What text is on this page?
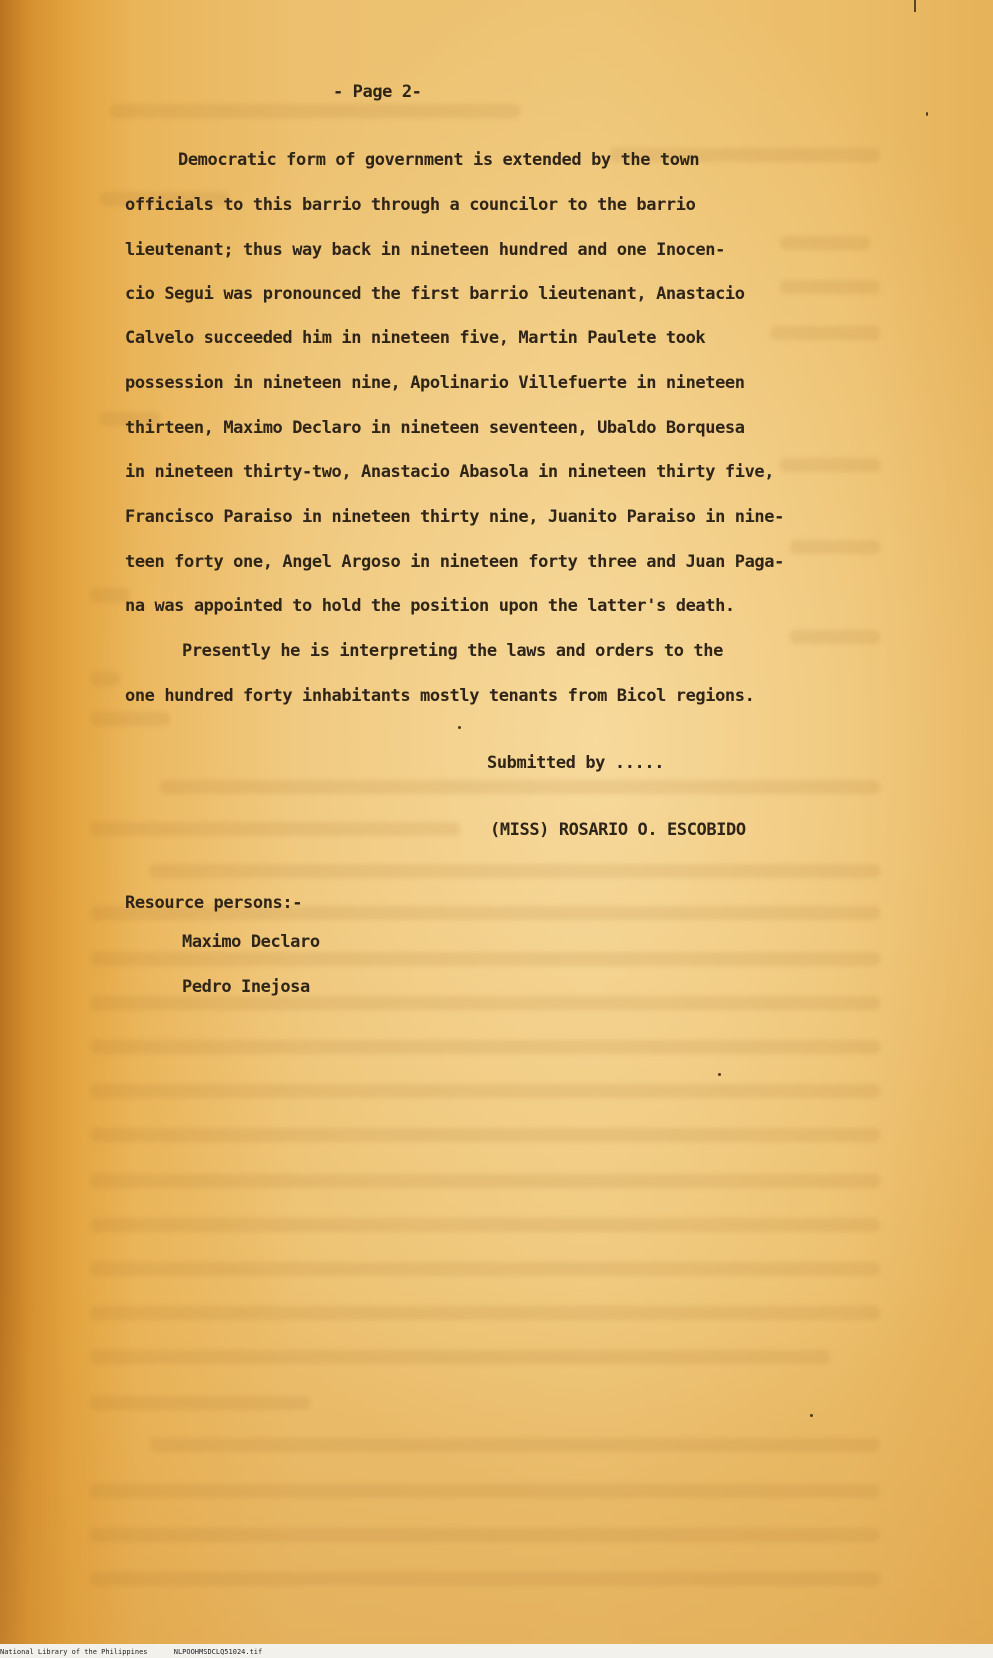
- Page 2-
Democratic form of government is extended by the town
officials to this barrio through a councilor to the barrio
lieutenant; thus way back in nineteen hundred and one Inocen-
cio Segui was pronounced the first barrio lieutenant, Anastacio
Calvelo succeeded him in nineteen five, Martin Paulete took
possession in nineteen nine, Apolinario Villefuerte in nineteen
thirteen, Maximo Declaro in nineteen seventeen, Ubaldo Borquesa
in nineteen thirty-two, Anastacio Abasola in nineteen thirty five,
Francisco Paraiso in nineteen thirty nine, Juanito Paraiso in nine-
teen forty one, Angel Argoso in nineteen forty three and Juan Paga-
na was appointed to hold the position upon the latter's death.
Presently he is interpreting the laws and orders to the
one hundred forty inhabitants mostly tenants from Bicol regions.
Submitted by .....
(MISS) ROSARIO O. ESCOBIDO
Resource persons:-
Maximo Declaro
Pedro Inejosa
National Library of the Philippines	NLPOOHMSDCLQ51024.tif
